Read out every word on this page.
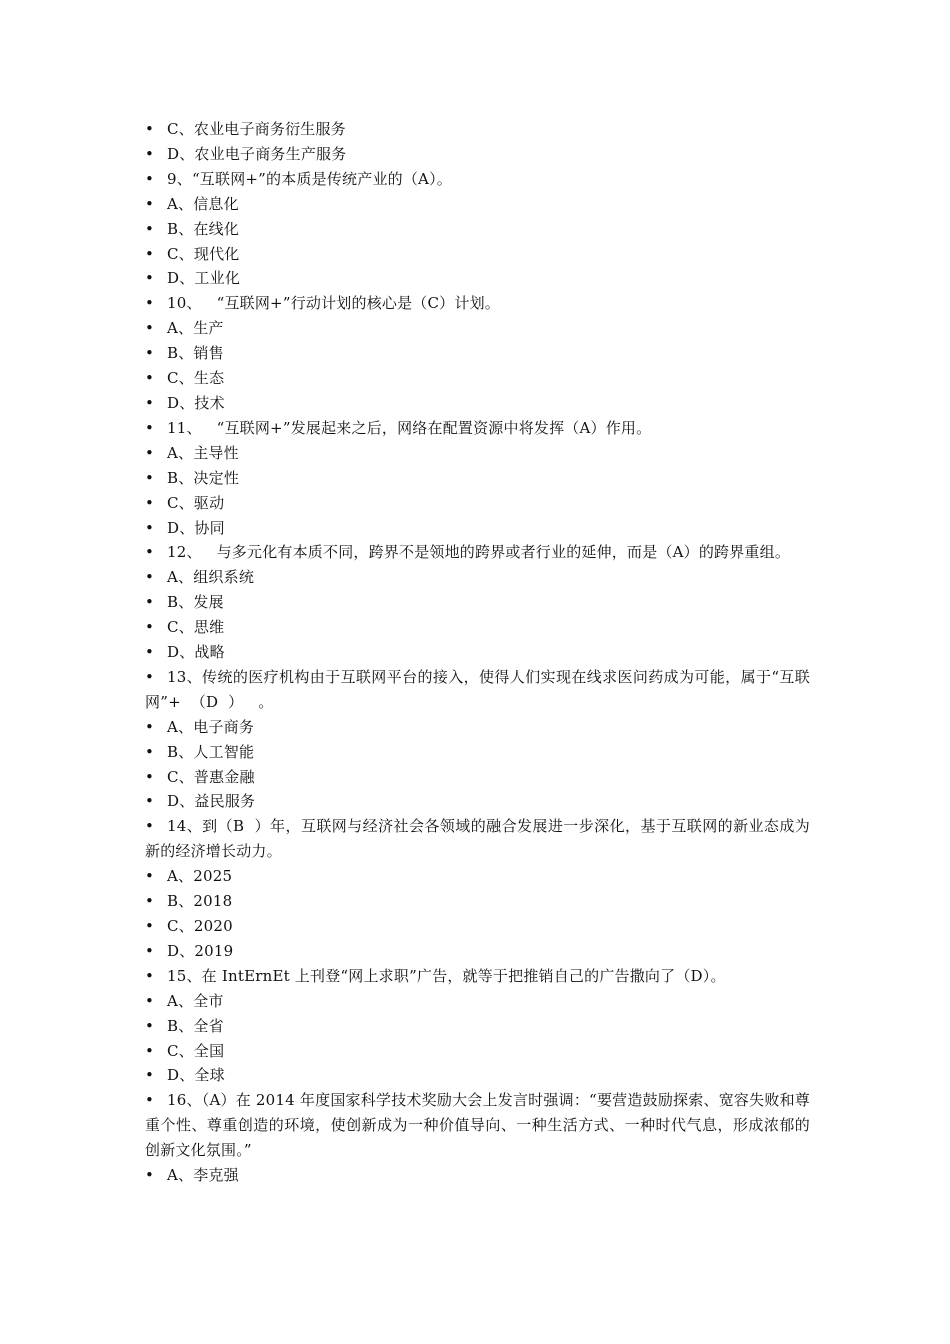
• C、农业电子商务衍生服务
• D、农业电子商务生产服务
• 9、“互联网+”的本质是传统产业的（A）。
• A、信息化
• B、在线化
• C、现代化
• D、工业化
• 10、   “互联网+”行动计划的核心是（C）计划。
• A、生产
• B、销售
• C、生态
• D、技术
• 11、   “互联网+”发展起来之后，网络在配置资源中将发挥（A）作用。
• A、主导性
• B、决定性
• C、驱动
• D、协同
• 12、   与多元化有本质不同，跨界不是领地的跨界或者行业的延伸，而是（A）的跨界重组。
• A、组织系统
• B、发展
• C、思维
• D、战略
• 13、传统的医疗机构由于互联网平台的接入，使得人们实现在线求医问药成为可能，属于“互联网”+  （D  ）   。
• A、电子商务
• B、人工智能
• C、普惠金融
• D、益民服务
• 14、到（B  ）年，互联网与经济社会各领域的融合发展进一步深化，基于互联网的新业态成为新的经济增长动力。
• A、2025
• B、2018
• C、2020
• D、2019
• 15、在 IntErnEt 上刊登“网上求职”广告，就等于把推销自己的广告撒向了（D）。
• A、全市
• B、全省
• C、全国
• D、全球
• 16、（A）在 2014 年度国家科学技术奖励大会上发言时强调：“要营造鼓励探索、宽容失败和尊重个性、尊重创造的环境，使创新成为一种价值导向、一种生活方式、一种时代气息，形成浓郁的创新文化氛围。”
• A、李克强
